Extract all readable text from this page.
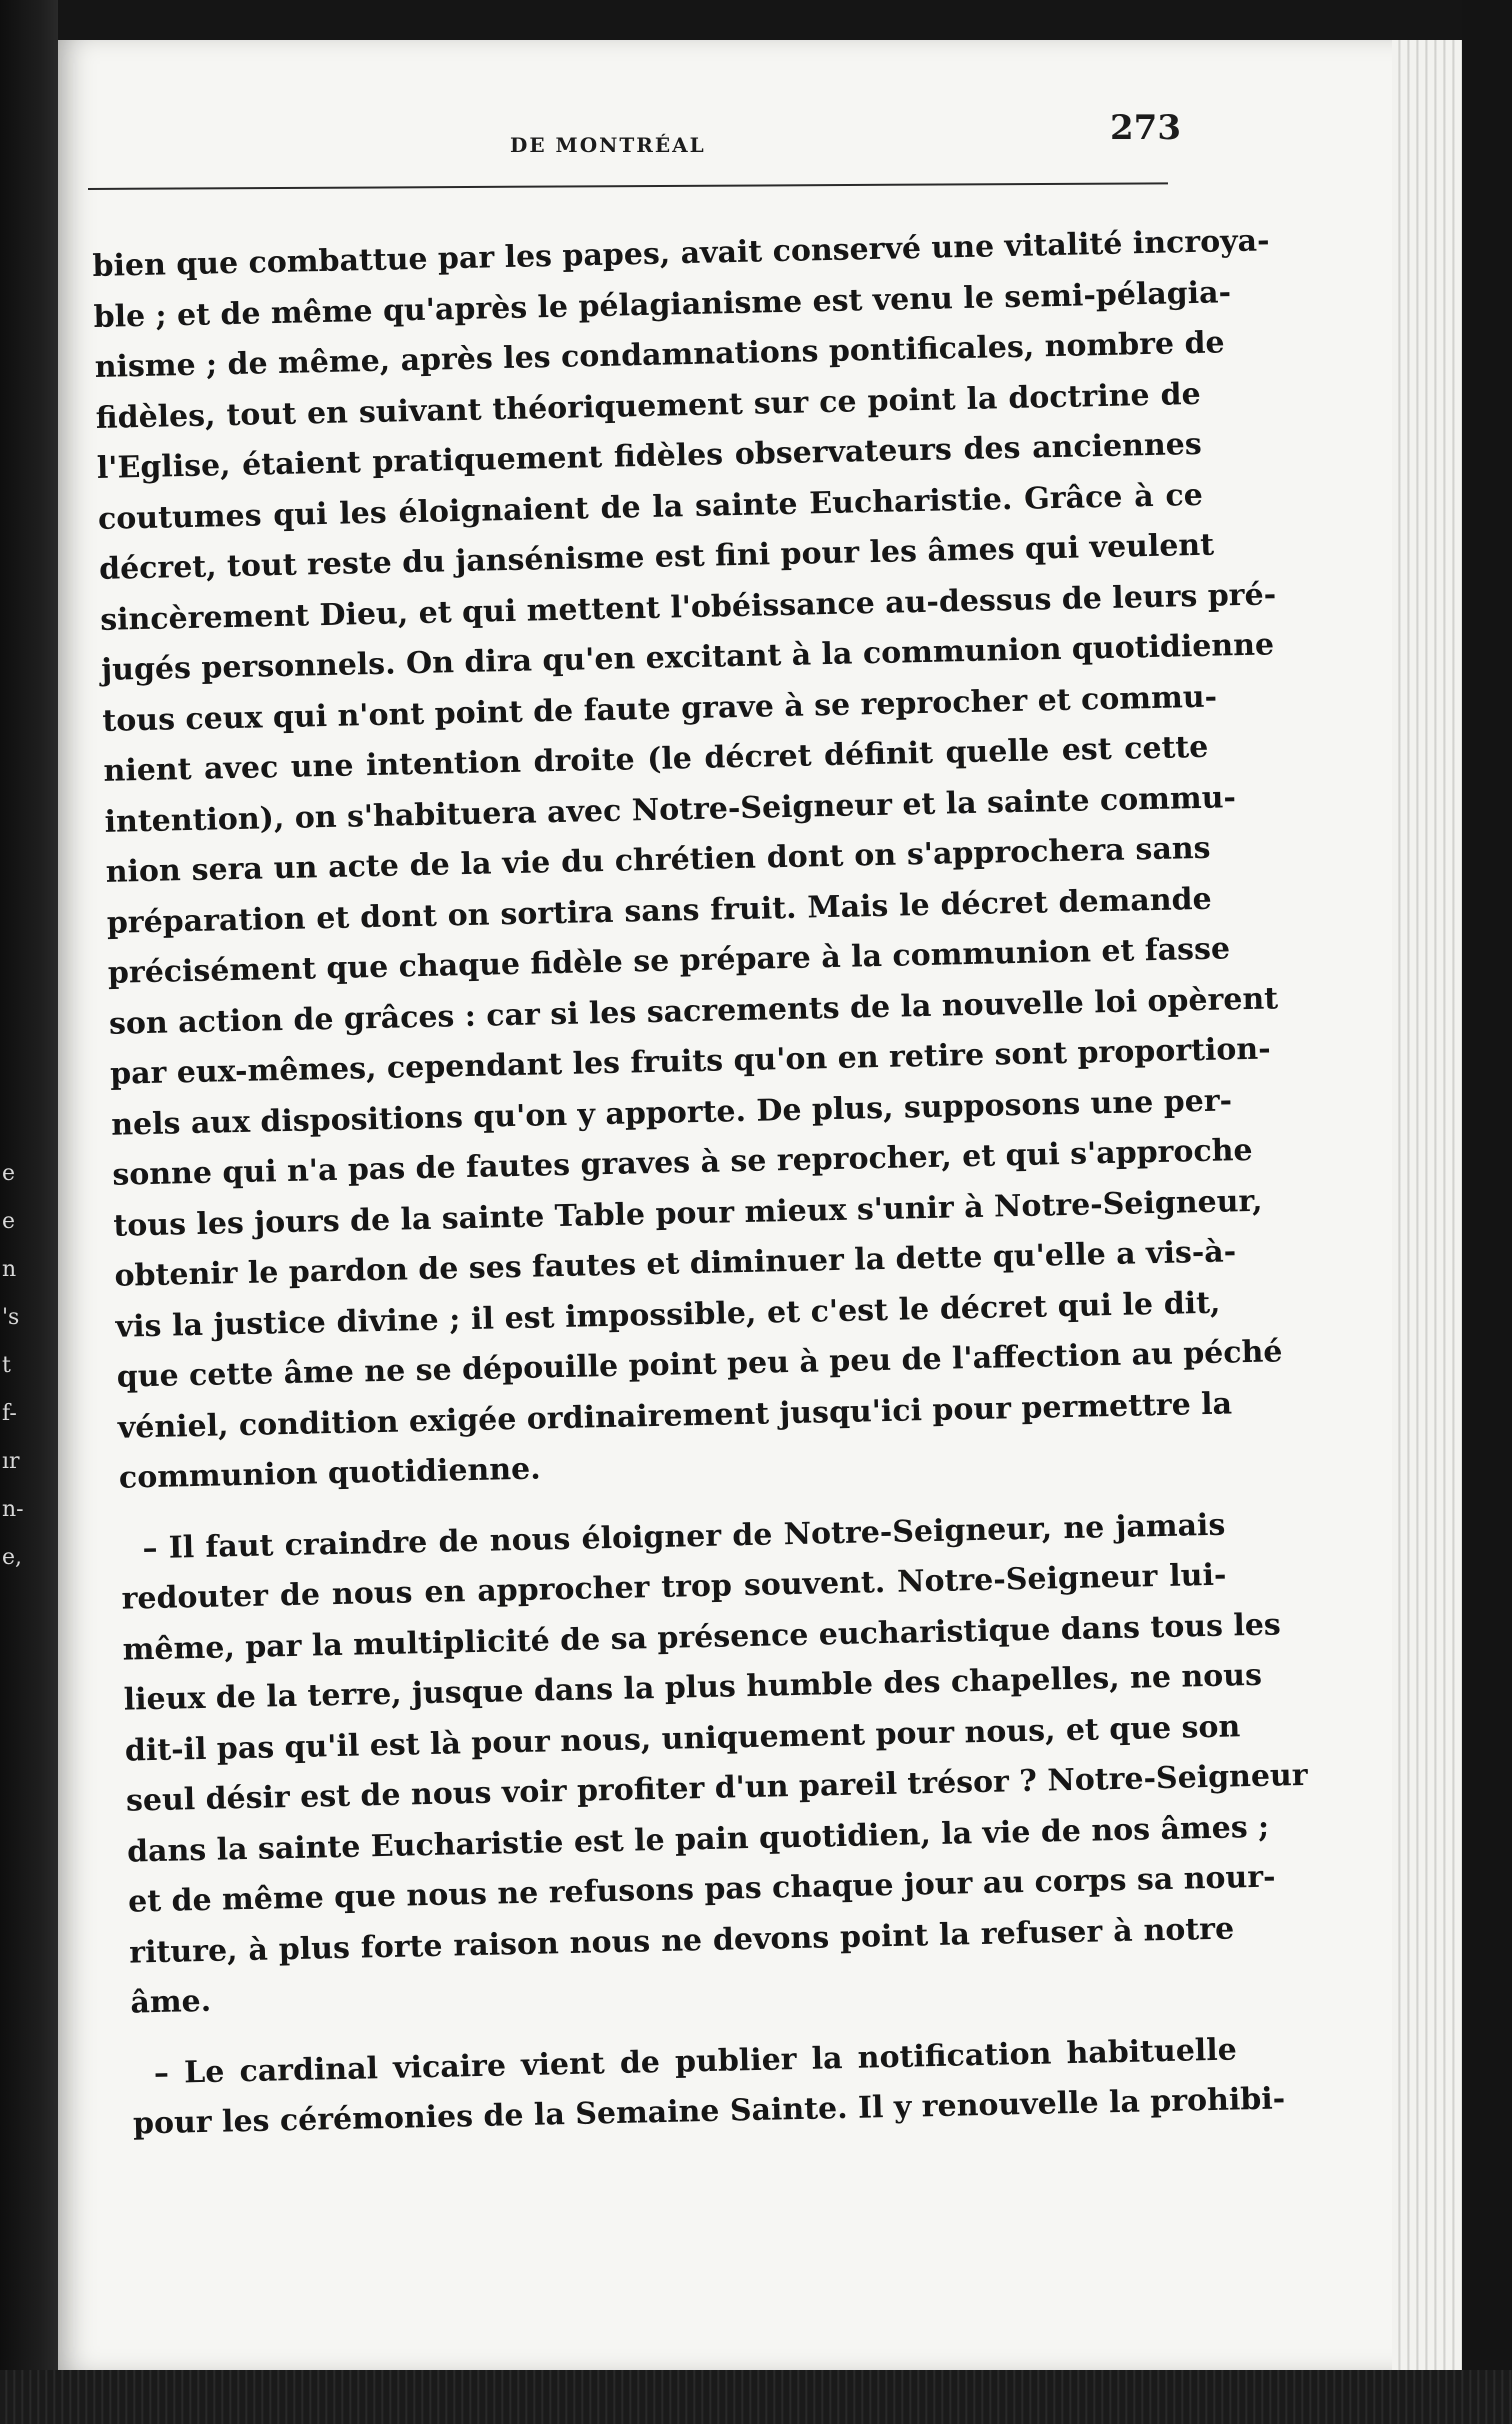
e
e
n
's
t
f-
ır
n-
e,
DE MONTRÉAL	273
bien que combattue par les papes, avait conservé une vitalité incroya-
ble ; et de même qu'après le pélagianisme est venu le semi-pélagia-
nisme ; de même, après les condamnations pontificales, nombre de
fidèles, tout en suivant théoriquement sur ce point la doctrine de
l'Eglise, étaient pratiquement fidèles observateurs des anciennes
coutumes qui les éloignaient de la sainte Eucharistie. Grâce à ce
décret, tout reste du jansénisme est fini pour les âmes qui veulent
sincèrement Dieu, et qui mettent l'obéissance au-dessus de leurs pré-
jugés personnels. On dira qu'en excitant à la communion quotidienne
tous ceux qui n'ont point de faute grave à se reprocher et commu-
nient avec une intention droite (le décret définit quelle est cette
intention), on s'habituera avec Notre-Seigneur et la sainte commu-
nion sera un acte de la vie du chrétien dont on s'approchera sans
préparation et dont on sortira sans fruit. Mais le décret demande
précisément que chaque fidèle se prépare à la communion et fasse
son action de grâces : car si les sacrements de la nouvelle loi opèrent
par eux-mêmes, cependant les fruits qu'on en retire sont proportion-
nels aux dispositions qu'on y apporte. De plus, supposons une per-
sonne qui n'a pas de fautes graves à se reprocher, et qui s'approche
tous les jours de la sainte Table pour mieux s'unir à Notre-Seigneur,
obtenir le pardon de ses fautes et diminuer la dette qu'elle a vis-à-
vis la justice divine ; il est impossible, et c'est le décret qui le dit,
que cette âme ne se dépouille point peu à peu de l'affection au péché
véniel, condition exigée ordinairement jusqu'ici pour permettre la
communion quotidienne.
– Il faut craindre de nous éloigner de Notre-Seigneur, ne jamais
redouter de nous en approcher trop souvent. Notre-Seigneur lui-
même, par la multiplicité de sa présence eucharistique dans tous les
lieux de la terre, jusque dans la plus humble des chapelles, ne nous
dit-il pas qu'il est là pour nous, uniquement pour nous, et que son
seul désir est de nous voir profiter d'un pareil trésor ? Notre-Seigneur
dans la sainte Eucharistie est le pain quotidien, la vie de nos âmes ;
et de même que nous ne refusons pas chaque jour au corps sa nour-
riture, à plus forte raison nous ne devons point la refuser à notre
âme.
– Le cardinal vicaire vient de publier la notification habituelle
pour les cérémonies de la Semaine Sainte. Il y renouvelle la prohibi-
